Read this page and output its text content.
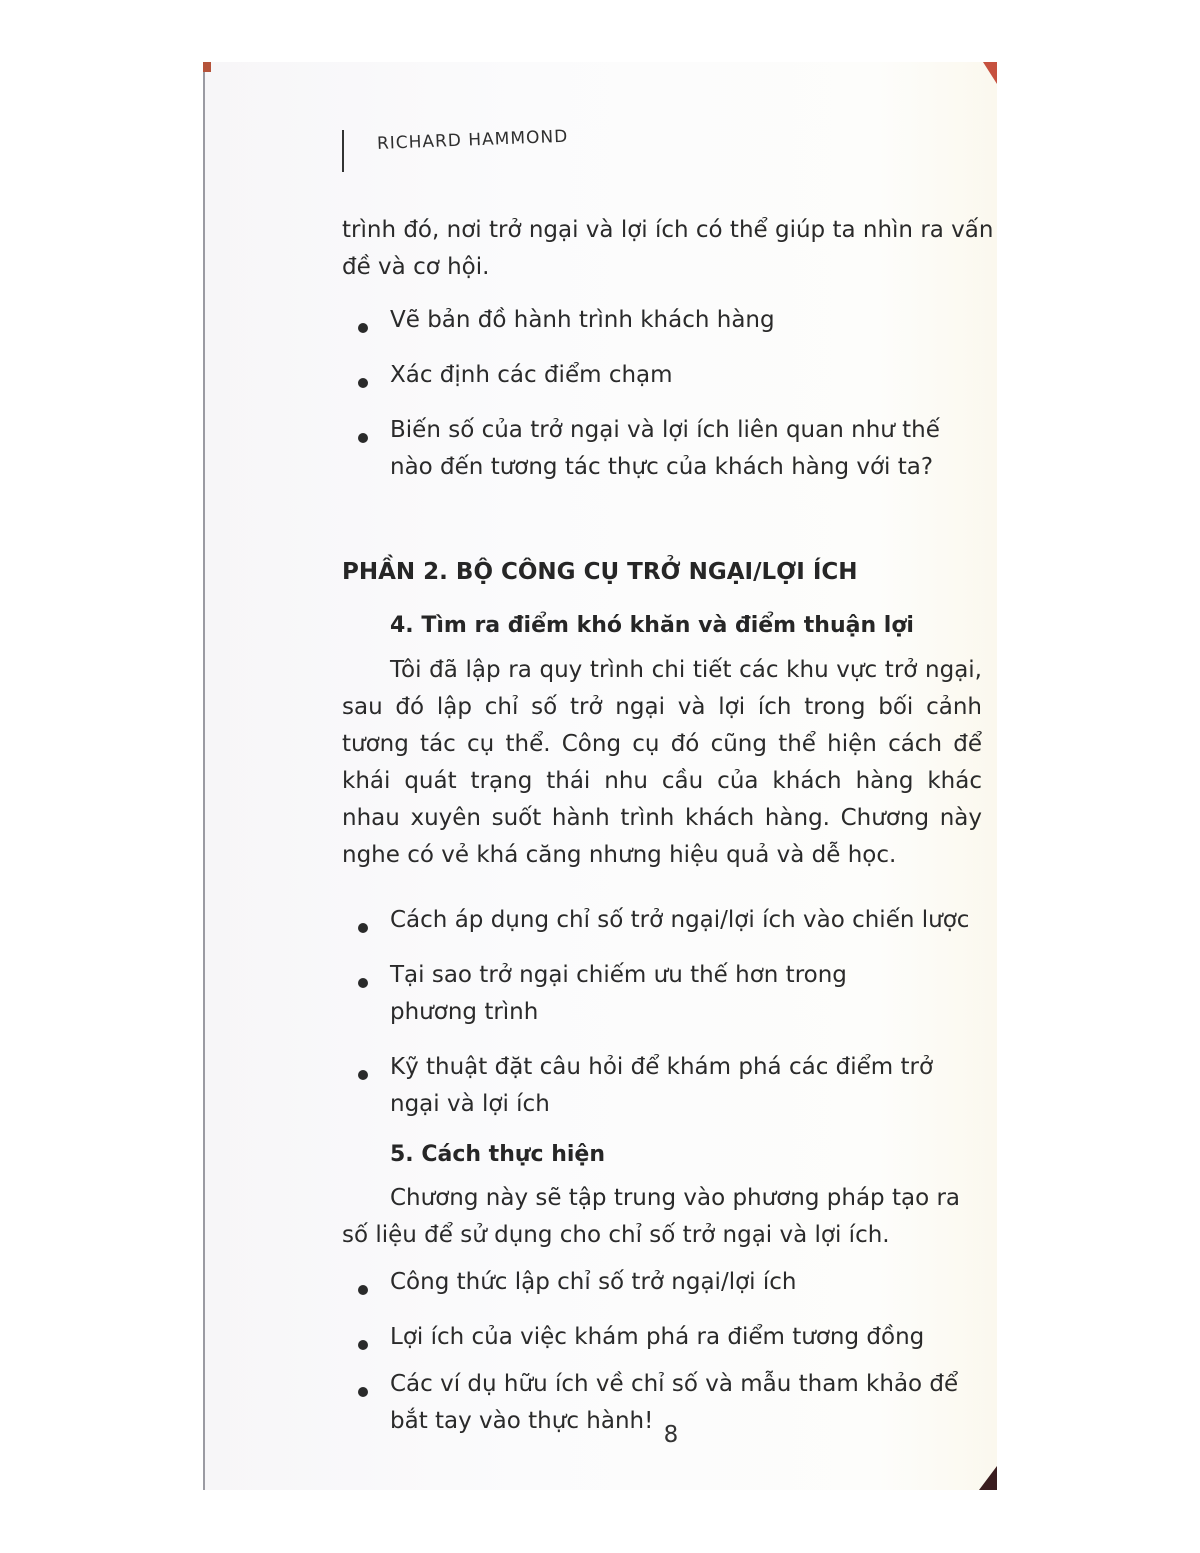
RICHARD HAMMOND
trình đó, nơi trở ngại và lợi ích có thể giúp ta nhìn ra vấn
đề và cơ hội.
Vẽ bản đồ hành trình khách hàng
Xác định các điểm chạm
Biến số của trở ngại và lợi ích liên quan như thế nào đến tương tác thực của khách hàng với ta?
PHẦN 2. BỘ CÔNG CỤ TRỞ NGẠI/LỢI ÍCH
4. Tìm ra điểm khó khăn và điểm thuận lợi
Tôi đã lập ra quy trình chi tiết các khu vực trở ngại, sau đó lập chỉ số trở ngại và lợi ích trong bối cảnh tương tác cụ thể. Công cụ đó cũng thể hiện cách để khái quát trạng thái nhu cầu của khách hàng khác nhau xuyên suốt hành trình khách hàng. Chương này nghe có vẻ khá căng nhưng hiệu quả và dễ học.
Cách áp dụng chỉ số trở ngại/lợi ích vào chiến lược
Tại sao trở ngại chiếm ưu thế hơn trong phương trình
Kỹ thuật đặt câu hỏi để khám phá các điểm trở ngại và lợi ích
5. Cách thực hiện
Chương này sẽ tập trung vào phương pháp tạo ra số liệu để sử dụng cho chỉ số trở ngại và lợi ích.
Công thức lập chỉ số trở ngại/lợi ích
Lợi ích của việc khám phá ra điểm tương đồng
Các ví dụ hữu ích về chỉ số và mẫu tham khảo để bắt tay vào thực hành!
8
